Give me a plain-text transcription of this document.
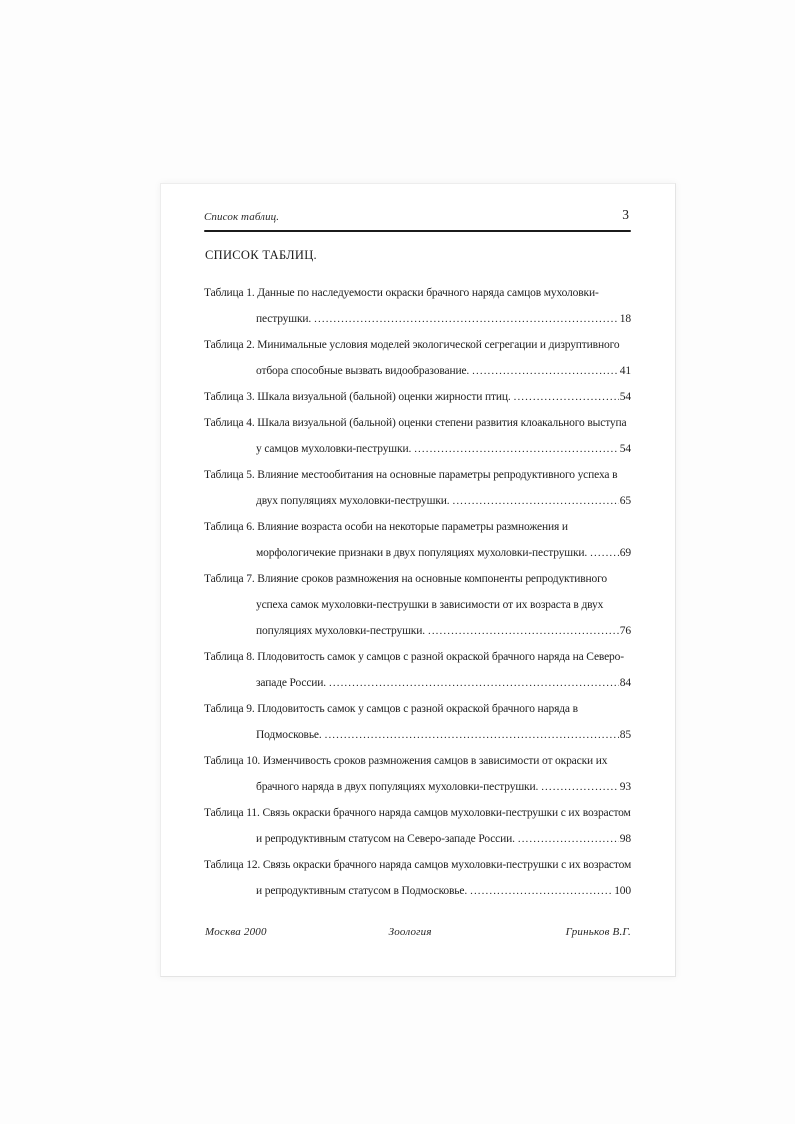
Список таблиц.	3
СПИСОК ТАБЛИЦ.
Таблица 1. Данные по наследуемости окраски брачного наряда самцов мухоловки-
пеструшки. .....	18
Таблица 2. Минимальные условия моделей экологической сегрегации и дизруптивного
отбора способные вызвать видообразование. .....	41
Таблица 3. Шкала визуальной (бальной) оценки жирности птиц. .....	54
Таблица 4. Шкала визуальной (бальной) оценки степени развития клоакального выступа
у самцов мухоловки-пеструшки. .....	54
Таблица 5. Влияние местообитания на основные параметры репродуктивного успеха в
двух популяциях мухоловки-пеструшки. .....	65
Таблица 6. Влияние возраста особи на некоторые параметры размножения и
морфологичекие признаки в двух популяциях мухоловки-пеструшки. .....	69
Таблица 7. Влияние сроков размножения на основные компоненты репродуктивного
успеха самок мухоловки-пеструшки в зависимости от их возраста в двух
популяциях мухоловки-пеструшки. .....	76
Таблица 8. Плодовитость самок у самцов с разной окраской брачного наряда на Северо-
западе России. .....	84
Таблица 9. Плодовитость самок у самцов с разной окраской брачного наряда в
Подмосковье. .....	85
Таблица 10. Изменчивость сроков размножения самцов в зависимости от окраски их
брачного наряда в двух популяциях мухоловки-пеструшки. .....	93
Таблица 11. Связь окраски брачного наряда самцов мухоловки-пеструшки с их возрастом
и репродуктивным статусом на Северо-западе России. .....	98
Таблица 12. Связь окраски брачного наряда самцов мухоловки-пеструшки с их возрастом
и репродуктивным статусом в Подмосковье. .....	100
Москва 2000	Зоология	Гриньков В.Г.
